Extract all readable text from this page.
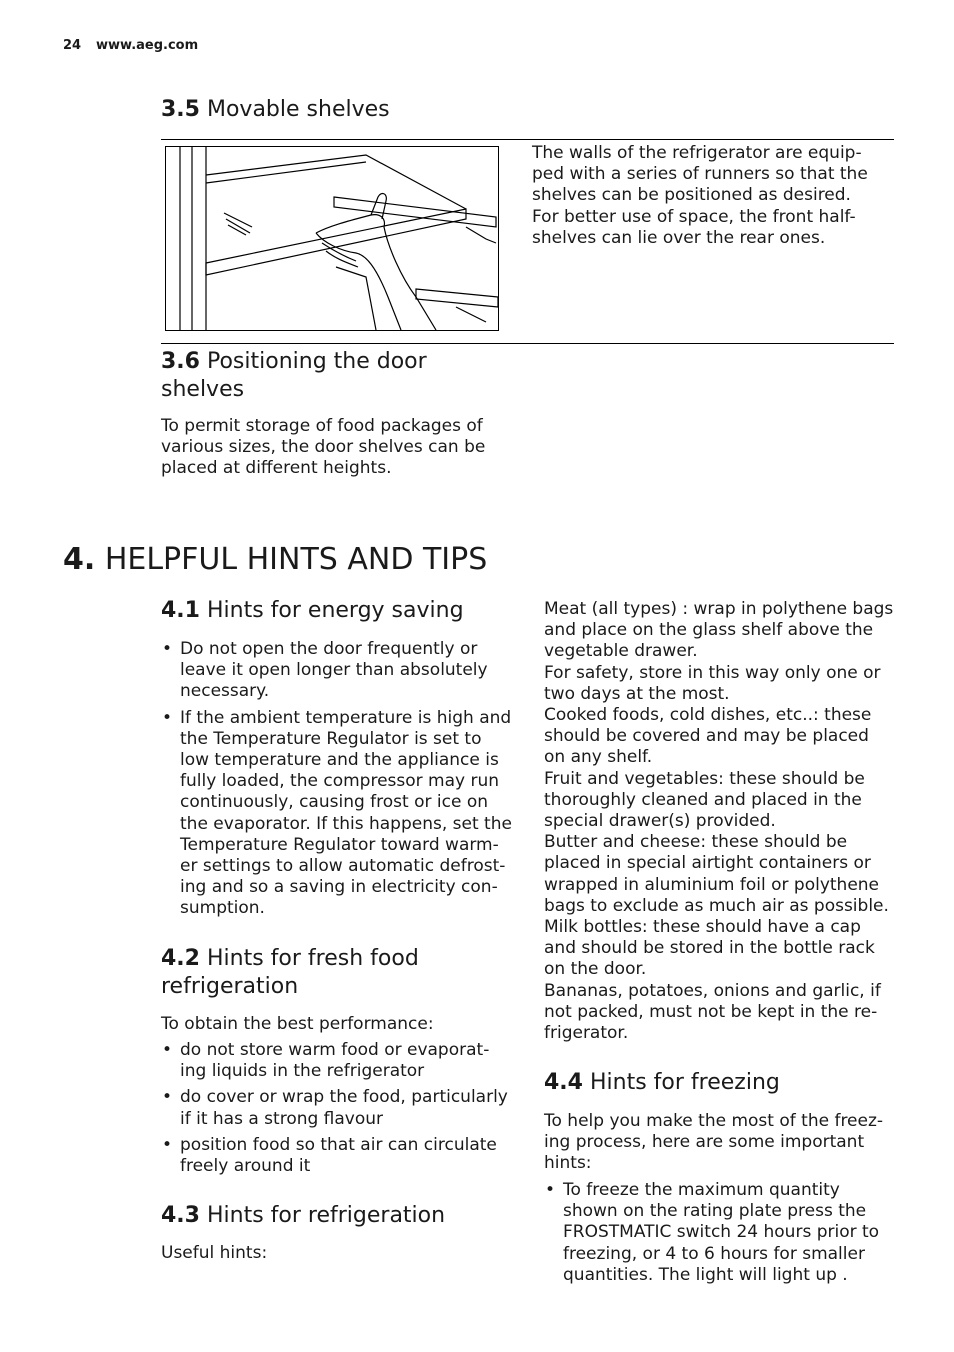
24 www.aeg.com
3.5 Movable shelves

The walls of the refrigerator are equip-
ped with a series of runners so that the
shelves can be positioned as desired.
For better use of space, the front half-
shelves can lie over the rear ones.

3.6 Positioning the door
shelves

To permit storage of food packages of
various sizes, the door shelves can be
placed at different heights.

4. HELPFUL HINTS AND TIPS
4.1 Hints for energy saving
• Do not open the door frequently or
leave it open longer than absolutely
necessary.
• If the ambient temperature is high and
the Temperature Regulator is set to
low temperature and the appliance is
fully loaded, the compressor may run
continuously, causing frost or ice on
the evaporator. If this happens, set the
Temperature Regulator toward warm-
er settings to allow automatic defrost-
ing and so a saving in electricity con-
sumption.
4.2 Hints for fresh food
refrigeration

To obtain the best performance:

• do not store warm food or evaporat-
ing liquids in the refrigerator
• do cover or wrap the food, particularly
if it has a strong flavour
• position food so that air can circulate
freely around it
4.3 Hints for refrigeration

Useful hints:

Meat (all types) : wrap in polythene bags
and place on the glass shelf above the
vegetable drawer.
For safety, store in this way only one or
two days at the most.
Cooked foods, cold dishes, etc..: these
should be covered and may be placed
on any shelf.
Fruit and vegetables: these should be
thoroughly cleaned and placed in the
special drawer(s) provided.
Butter and cheese: these should be
placed in special airtight containers or
wrapped in aluminium foil or polythene
bags to exclude as much air as possible.
Milk bottles: these should have a cap
and should be stored in the bottle rack
on the door.
Bananas, potatoes, onions and garlic, if
not packed, must not be kept in the re-
frigerator.

4.4 Hints for freezing

To help you make the most of the freez-
ing process, here are some important
hints:

• To freeze the maximum quantity
shown on the rating plate press the
FROSTMATIC switch 24 hours prior to
freezing, or 4 to 6 hours for smaller
quantities. The light will light up .
